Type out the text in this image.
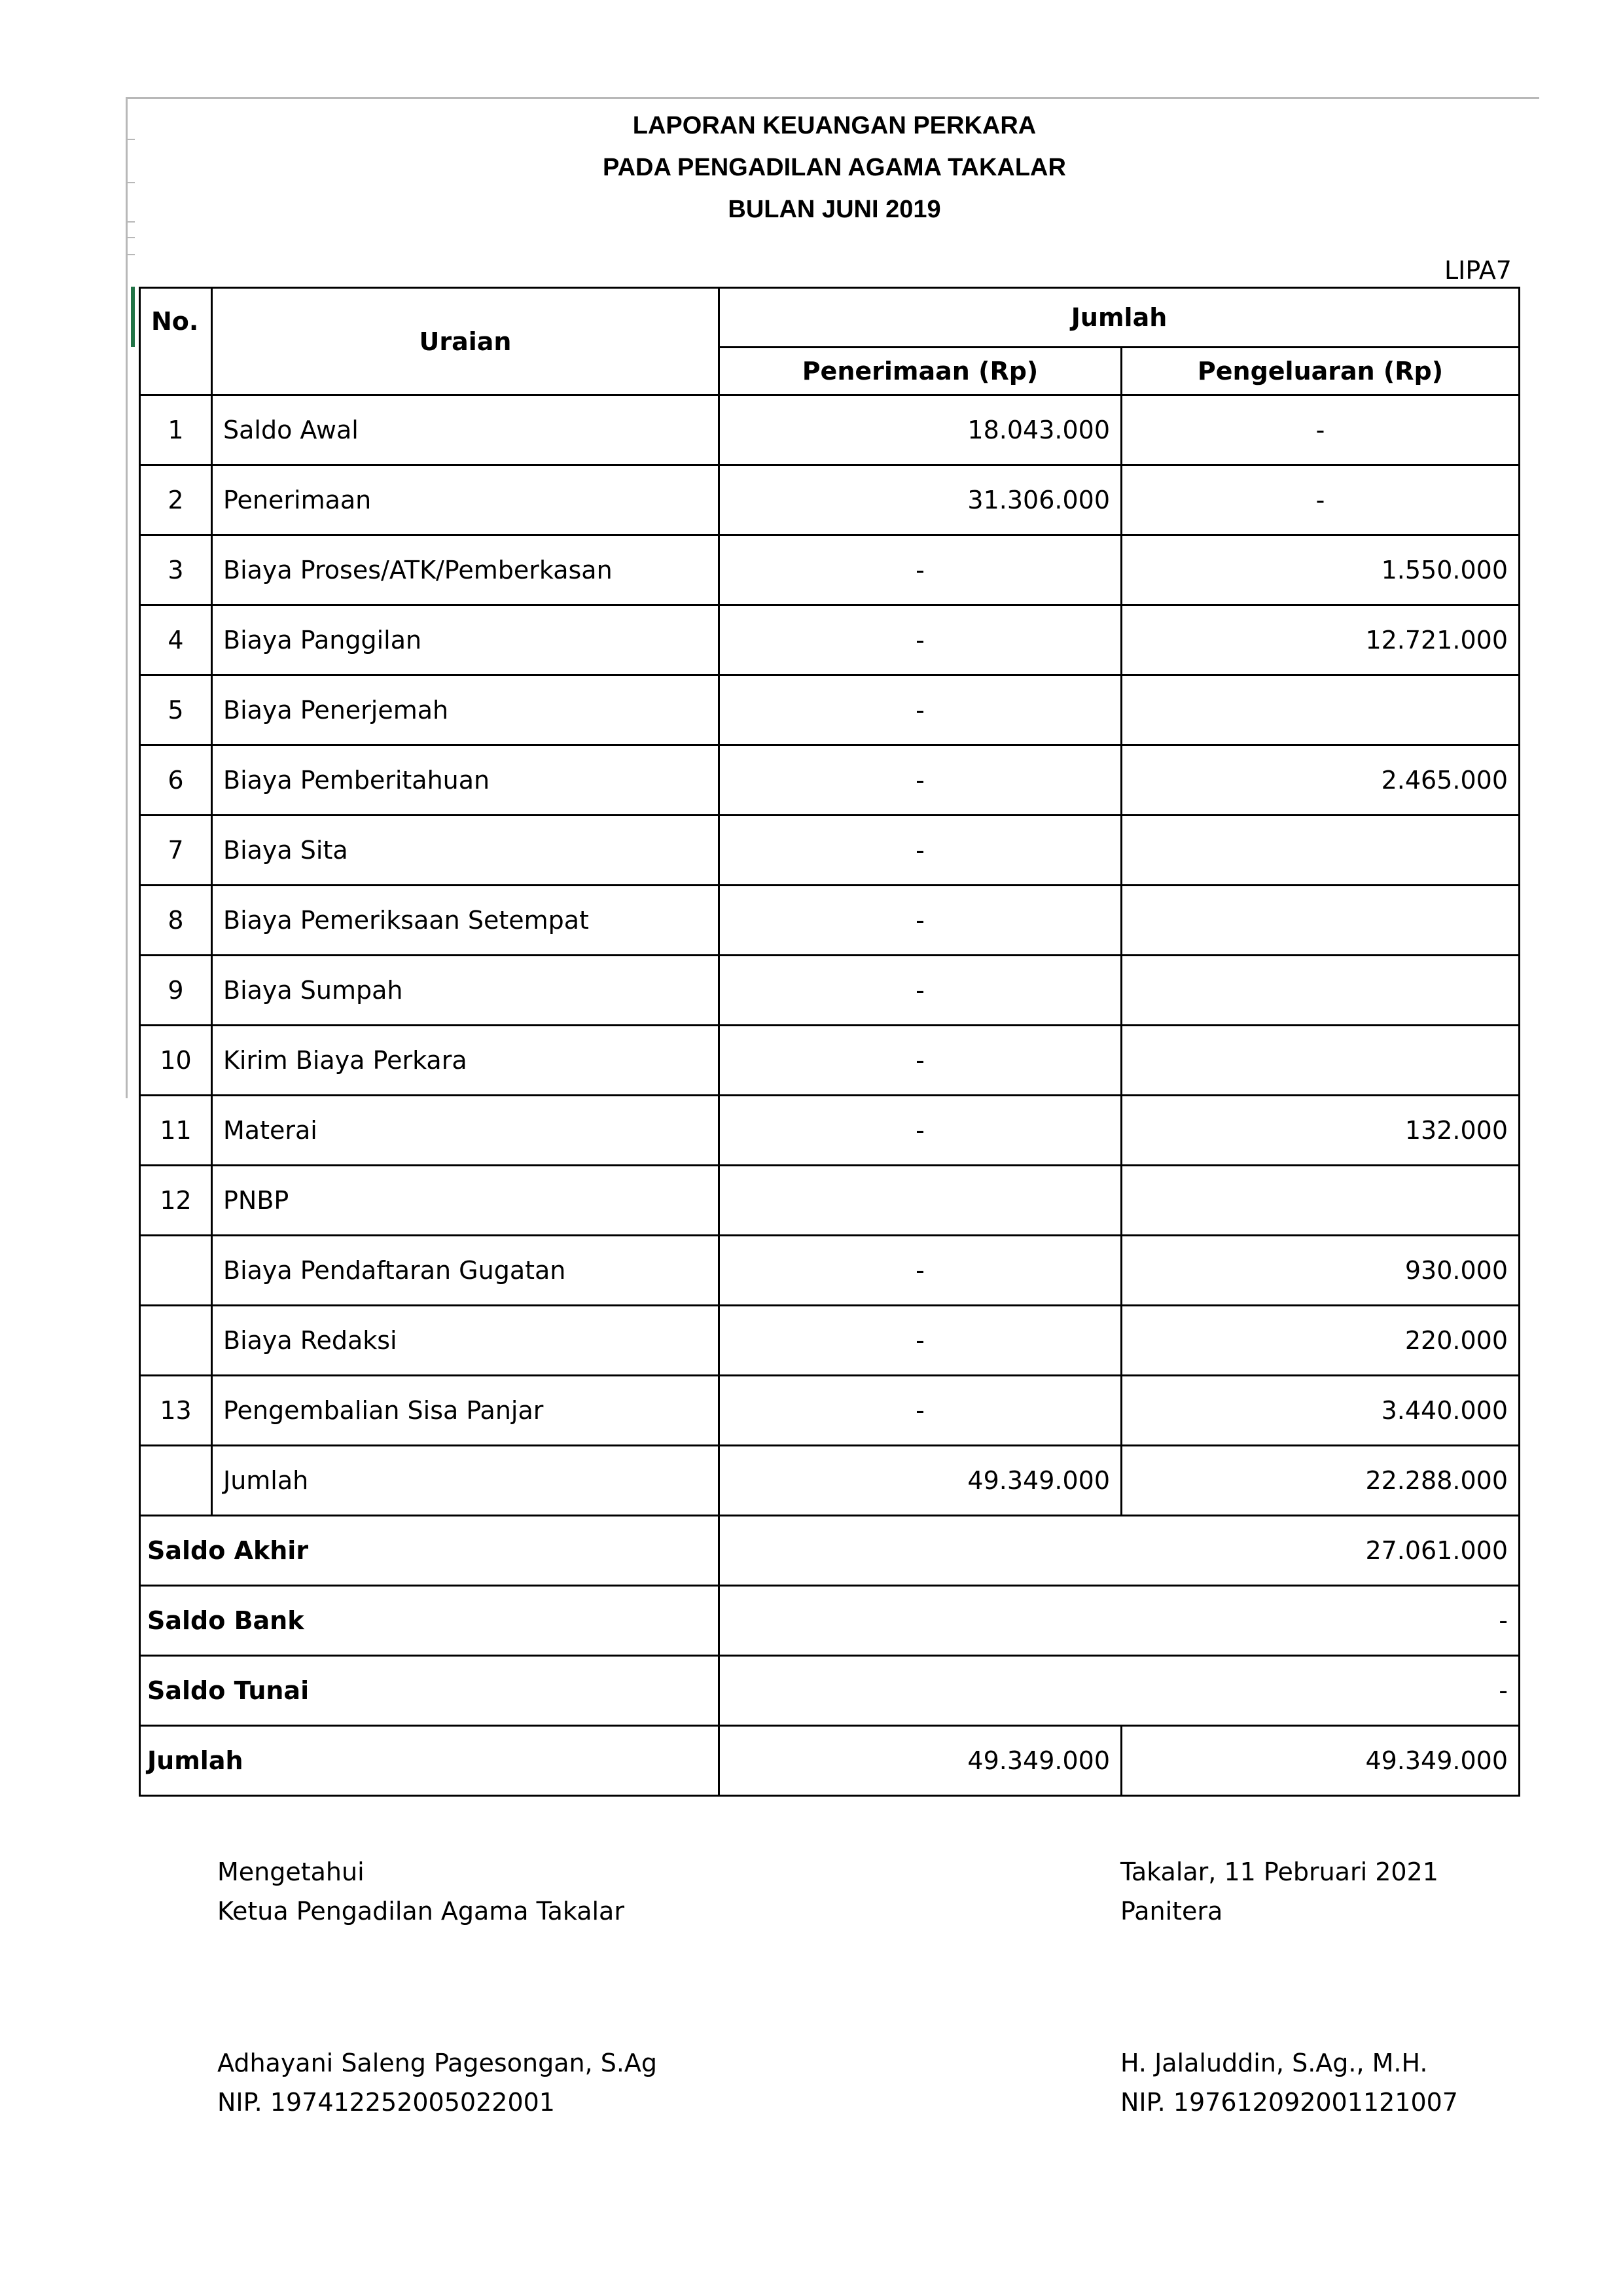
LAPORAN KEUANGAN PERKARA
PADA PENGADILAN AGAMA TAKALAR
BULAN JUNI 2019
LIPA7
No.	Uraian	Jumlah	
		Penerimaan (Rp)	Pengeluaran (Rp)
1	Saldo Awal	18.043.000	-
2	Penerimaan	31.306.000	-
3	Biaya Proses/ATK/Pemberkasan	-	1.550.000
4	Biaya Panggilan	-	12.721.000
5	Biaya Penerjemah	-	
6	Biaya Pemberitahuan	-	2.465.000
7	Biaya Sita	-	
8	Biaya Pemeriksaan Setempat	-	
9	Biaya Sumpah	-	
10	Kirim Biaya Perkara	-	
11	Materai	-	132.000
12	PNBP		
	Biaya Pendaftaran Gugatan	-	930.000
	Biaya Redaksi	-	220.000
13	Pengembalian Sisa Panjar	-	3.440.000
	Jumlah	49.349.000	22.288.000
Saldo Akhir		27.061.000	
Saldo Bank		-	
Saldo Tunai		-	
Jumlah		49.349.000	49.349.000
Mengetahui
Ketua Pengadilan Agama Takalar
Adhayani Saleng Pagesongan, S.Ag
NIP. 197412252005022001
Takalar, 11 Pebruari 2021
Panitera
H. Jalaluddin, S.Ag., M.H.
NIP. 197612092001121007
